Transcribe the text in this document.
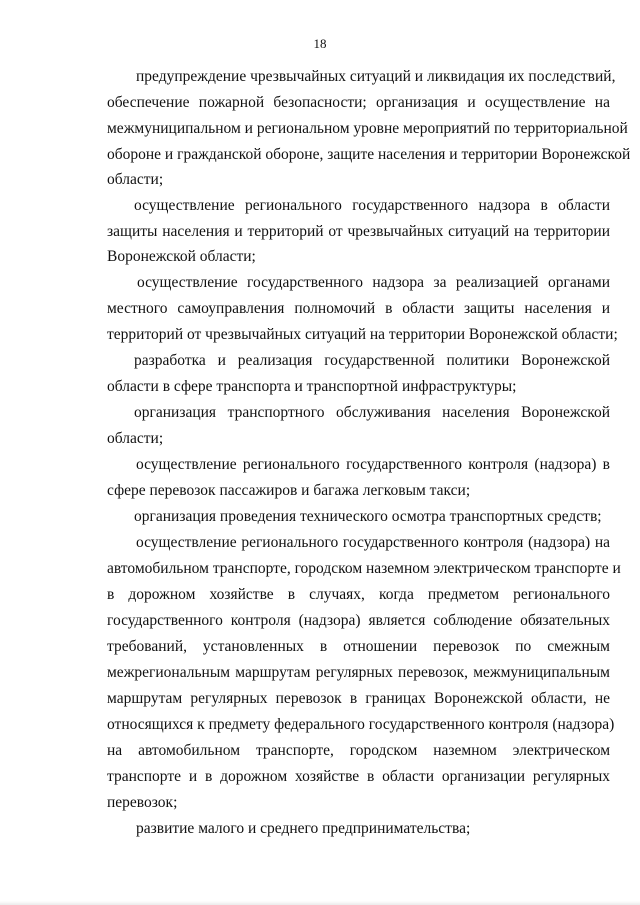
18
предупреждение чрезвычайных ситуаций и ликвидация их последствий,
обеспечение пожарной безопасности; организация и осуществление на
межмуниципальном и региональном уровне мероприятий по территориальной
обороне и гражданской обороне, защите населения и территории Воронежской
области;
осуществление регионального государственного надзора в области
защиты населения и территорий от чрезвычайных ситуаций на территории
Воронежской области;
осуществление государственного надзора за реализацией органами
местного самоуправления полномочий в области защиты населения и
территорий от чрезвычайных ситуаций на территории Воронежской области;
разработка и реализация государственной политики Воронежской
области в сфере транспорта и транспортной инфраструктуры;
организация транспортного обслуживания населения Воронежской
области;
осуществление регионального государственного контроля (надзора) в
сфере перевозок пассажиров и багажа легковым такси;
организация проведения технического осмотра транспортных средств;
осуществление регионального государственного контроля (надзора) на
автомобильном транспорте, городском наземном электрическом транспорте и
в дорожном хозяйстве в случаях, когда предметом регионального
государственного контроля (надзора) является соблюдение обязательных
требований, установленных в отношении перевозок по смежным
межрегиональным маршрутам регулярных перевозок, межмуниципальным
маршрутам регулярных перевозок в границах Воронежской области, не
относящихся к предмету федерального государственного контроля (надзора)
на автомобильном транспорте, городском наземном электрическом
транспорте и в дорожном хозяйстве в области организации регулярных
перевозок;
развитие малого и среднего предпринимательства;
